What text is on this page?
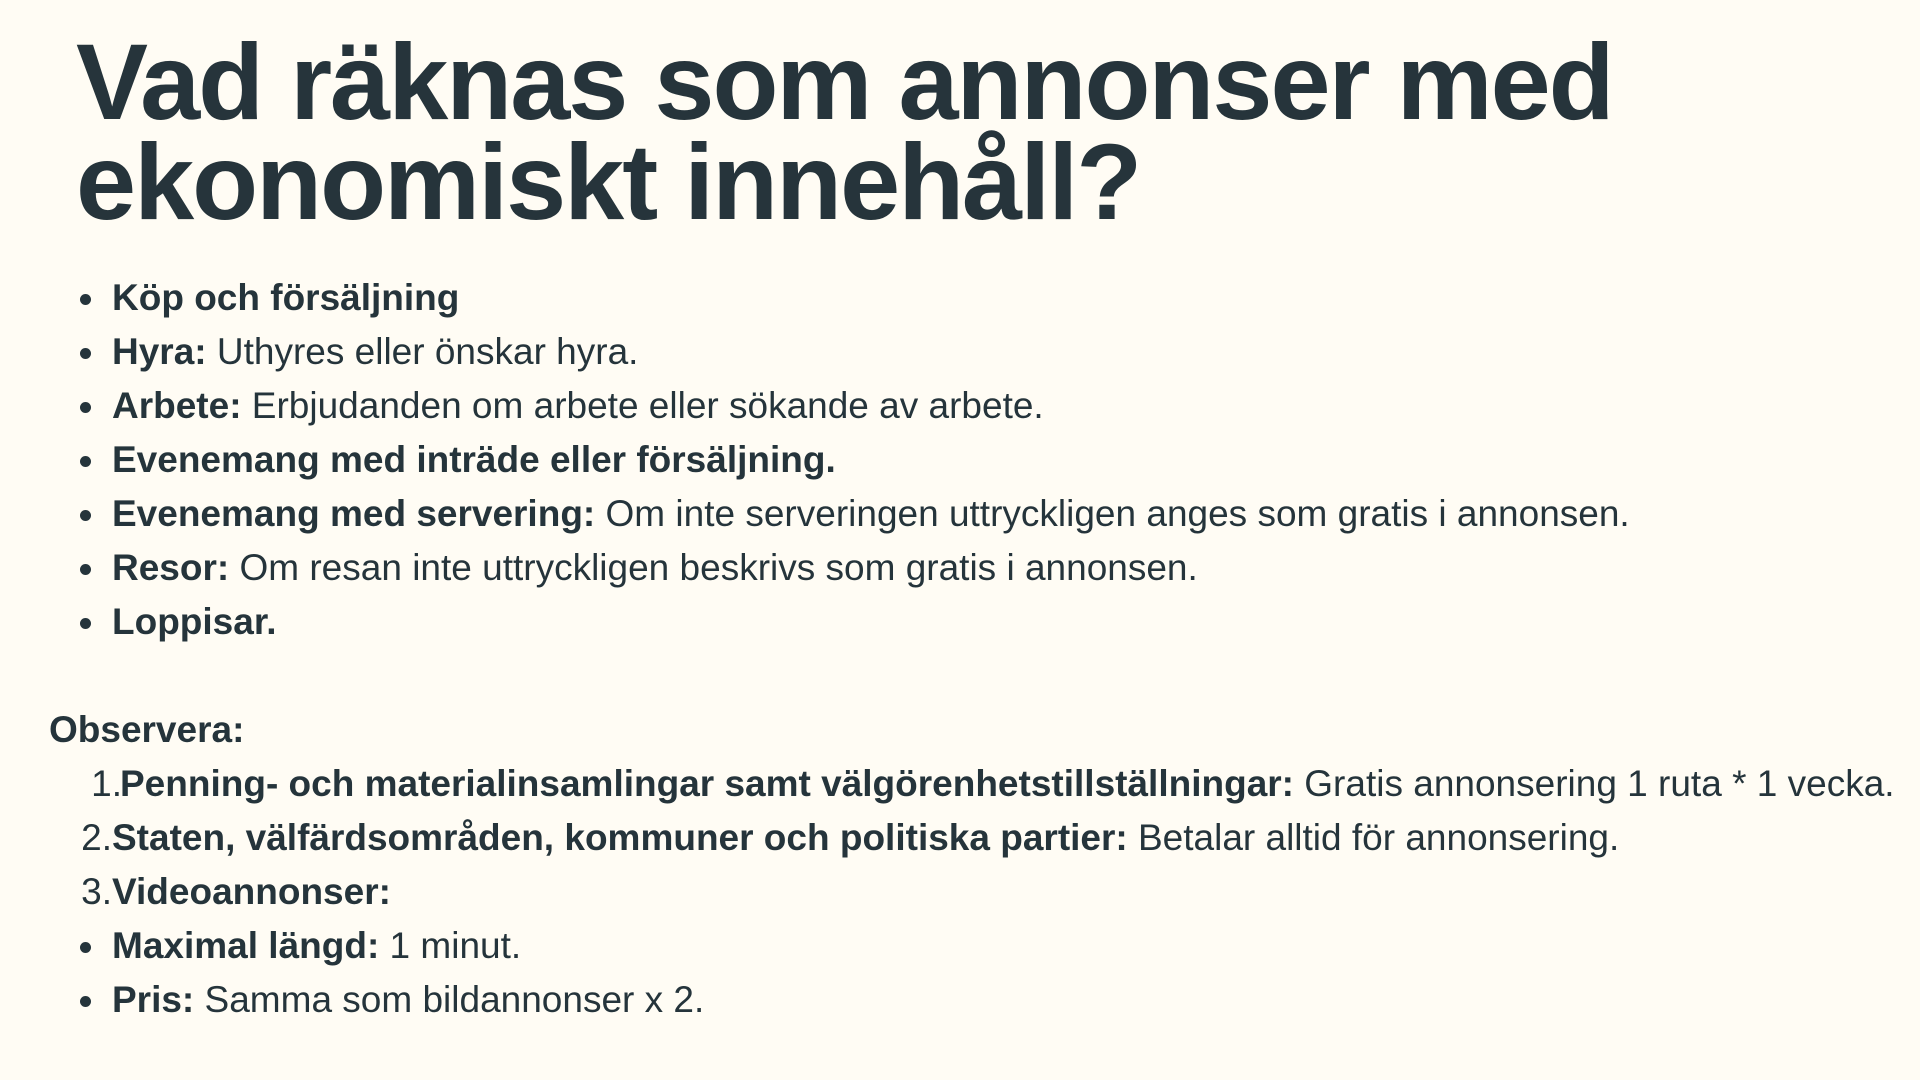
Vad räknas som annonser med
ekonomiskt innehåll?
Köp och försäljning
Hyra: Uthyres eller önskar hyra.
Arbete: Erbjudanden om arbete eller sökande av arbete.
Evenemang med inträde eller försäljning.
Evenemang med servering: Om inte serveringen uttryckligen anges som gratis i annonsen.
Resor: Om resan inte uttryckligen beskrivs som gratis i annonsen.
Loppisar.

Observera:

1.
Penning- och materialinsamlingar samt välgörenhetstillställningar: Gratis annonsering 1 ruta * 1 vecka.
2. Staten, välfärdsområden, kommuner och politiska partier: Betalar alltid för annonsering.
3. Videoannonser:
Maximal längd: 1 minut.
Pris: Samma som bildannonser x 2.
